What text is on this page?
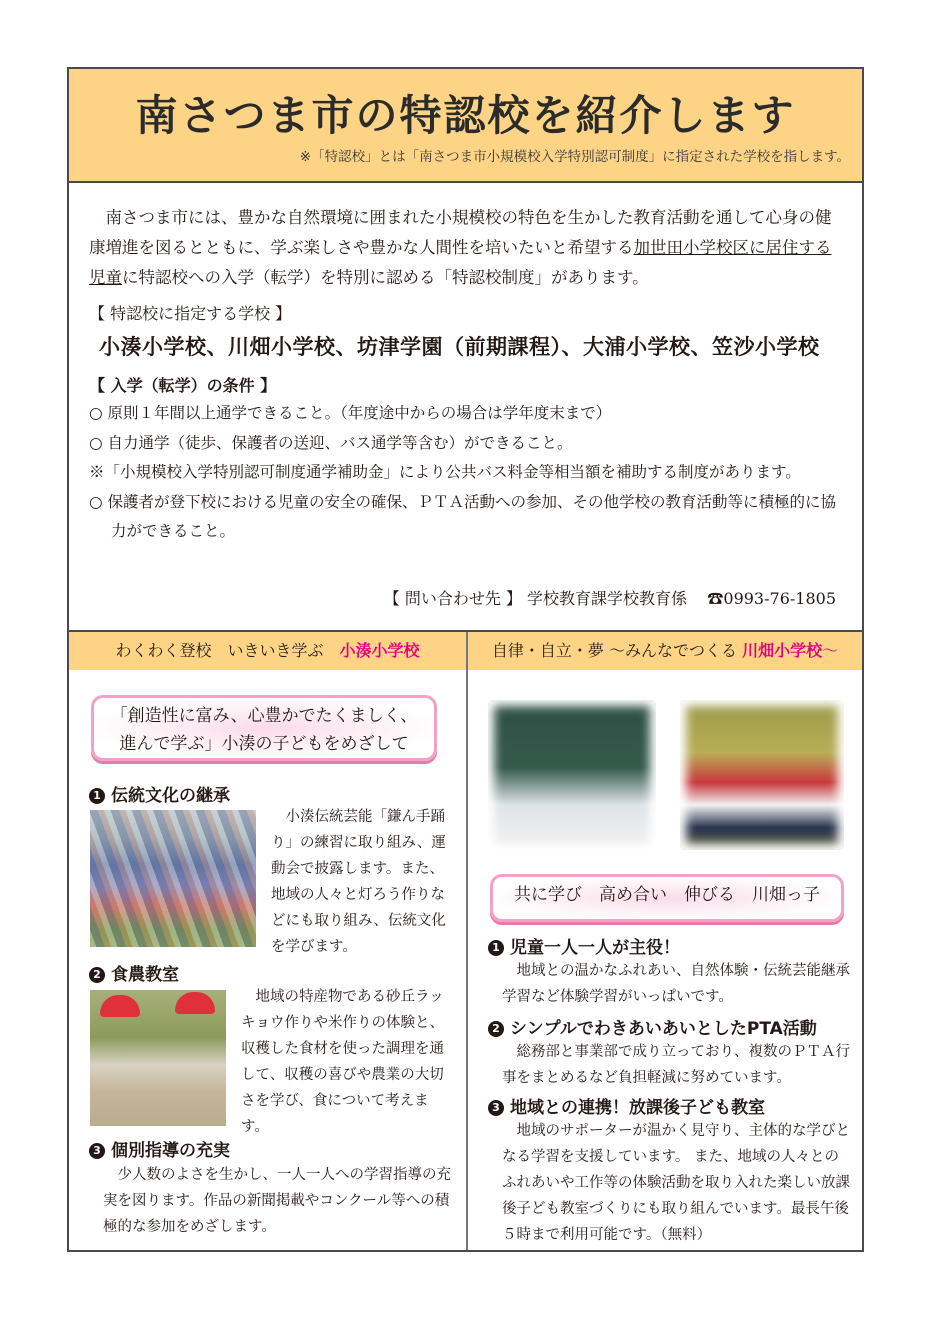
南さつま市の特認校を紹介します
※「特認校」とは「南さつま市小規模校入学特別認可制度」に指定された学校を指します。

南さつま市には、豊かな自然環境に囲まれた小規模校の特色を生かした教育活動を通して心身の健康増進を図るとともに、学ぶ楽しさや豊かな人間性を培いたいと希望する加世田小学校区に居住する児童に特認校への入学（転学）を特別に認める「特認校制度」があります。

【 特認校に指定する学校 】
小湊小学校、川畑小学校、坊津学園（前期課程）、大浦小学校、笠沙小学校
【 入学（転学）の条件 】
○ 原則１年間以上通学できること。（年度途中からの場合は学年度末まで）
○ 自力通学（徒歩、保護者の送迎、バス通学等含む）ができること。
※「小規模校入学特別認可制度通学補助金」により公共バス料金等相当額を補助する制度があります。
○ 保護者が登下校における児童の安全の確保、ＰＴＡ活動への参加、その他学校の教育活動等に積極的に協力ができること。
【 問い合わせ先 】 学校教育課学校教育係 ☎0993-76-1805
わくわく登校　いきいき学ぶ　小湊小学校
「創造性に富み、心豊かでたくましく、
進んで学ぶ」小湊の子どもをめざして
1 伝統文化の継承

小湊伝統芸能「鎌ん手踊り」の練習に取り組み、運動会で披露します。また、地域の人々と灯ろう作りなどにも取り組み、伝統文化を学びます。

2 食農教室

地域の特産物である砂丘ラッキョウ作りや米作りの体験と、収穫した食材を使った調理を通して、収穫の喜びや農業の大切さを学び、食について考えます。

3 個別指導の充実

少人数のよさを生かし、一人一人への学習指導の充実を図ります。作品の新聞掲載やコンクール等への積極的な参加をめざします。

自律・自立・夢 〜みんなでつくる 川畑小学校〜
共に学び　高め合い　伸びる　川畑っ子
1 児童一人一人が主役！

地域との温かなふれあい、自然体験・伝統芸能継承学習など体験学習がいっぱいです。

2 シンプルでわきあいあいとしたPTA活動

総務部と事業部で成り立っており、複数のＰＴＡ行事をまとめるなど負担軽減に努めています。

3 地域との連携！放課後子ども教室

地域のサポーターが温かく見守り、主体的な学びとなる学習を支援しています。 また、地域の人々とのふれあいや工作等の体験活動を取り入れた楽しい放課後子ども教室づくりにも取り組んでいます。最長午後５時まで利用可能です。（無料）
